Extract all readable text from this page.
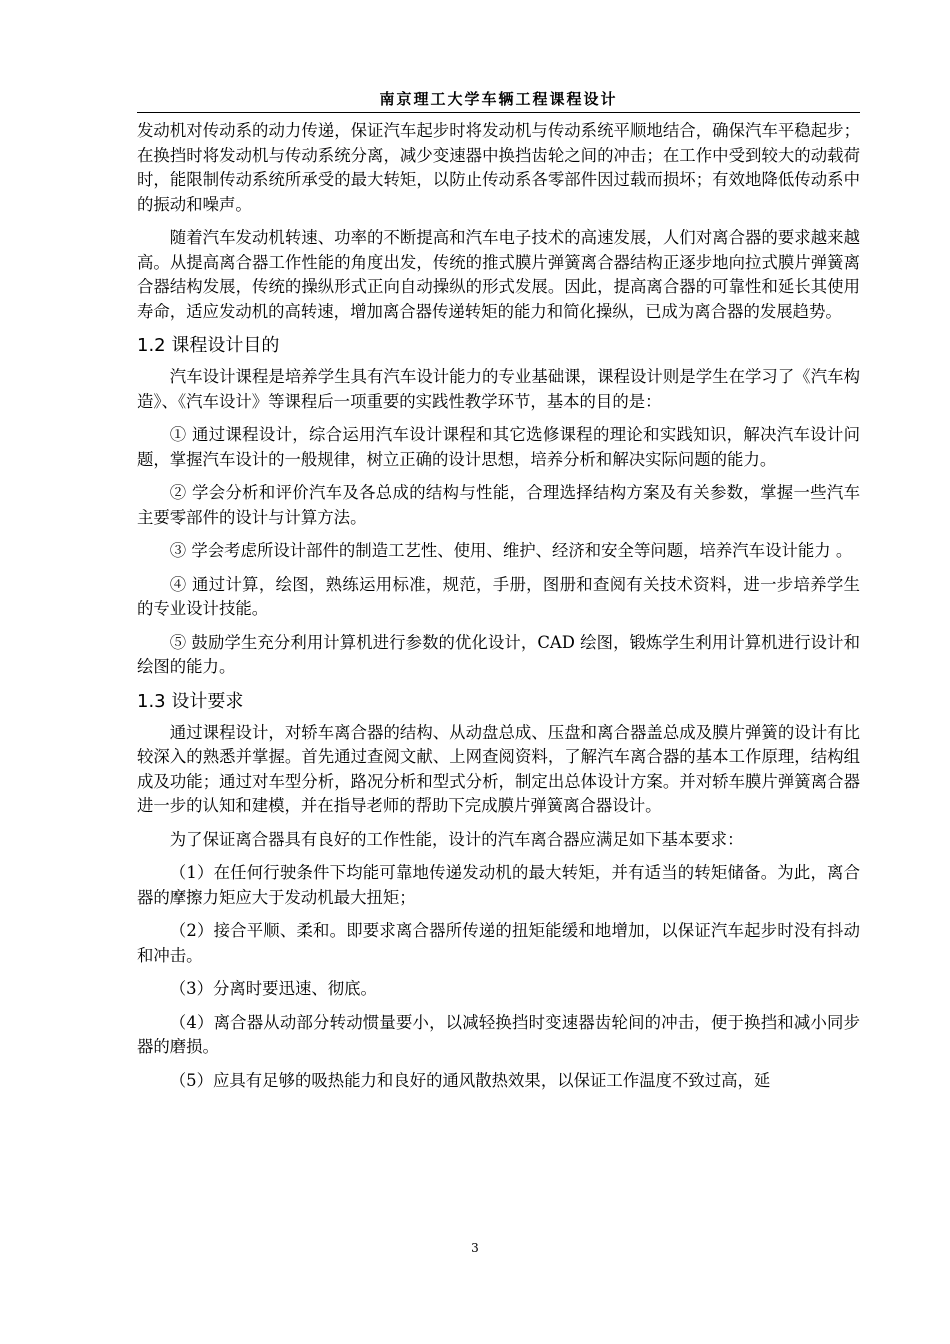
南京理工大学车辆工程课程设计

发动机对传动系的动力传递，保证汽车起步时将发动机与传动系统平顺地结合，确保汽车平稳起步；在换挡时将发动机与传动系统分离，减少变速器中换挡齿轮之间的冲击；在工作中受到较大的动载荷时，能限制传动系统所承受的最大转矩，以防止传动系各零部件因过载而损坏；有效地降低传动系中的振动和噪声。

随着汽车发动机转速、功率的不断提高和汽车电子技术的高速发展，人们对离合器的要求越来越高。从提高离合器工作性能的角度出发，传统的推式膜片弹簧离合器结构正逐步地向拉式膜片弹簧离合器结构发展，传统的操纵形式正向自动操纵的形式发展。因此，提高离合器的可靠性和延长其使用寿命，适应发动机的高转速，增加离合器传递转矩的能力和简化操纵，已成为离合器的发展趋势。

1.2 课程设计目的

汽车设计课程是培养学生具有汽车设计能力的专业基础课，课程设计则是学生在学习了《汽车构造》、《汽车设计》等课程后一项重要的实践性教学环节，基本的目的是：

① 通过课程设计，综合运用汽车设计课程和其它选修课程的理论和实践知识，解决汽车设计问题，掌握汽车设计的一般规律，树立正确的设计思想，培养分析和解决实际问题的能力。

② 学会分析和评价汽车及各总成的结构与性能，合理选择结构方案及有关参数，掌握一些汽车主要零部件的设计与计算方法。

③ 学会考虑所设计部件的制造工艺性、使用、维护、经济和安全等问题，培养汽车设计能力 。

④ 通过计算，绘图，熟练运用标准，规范，手册，图册和查阅有关技术资料，进一步培养学生的专业设计技能。

⑤ 鼓励学生充分利用计算机进行参数的优化设计，CAD 绘图，锻炼学生利用计算机进行设计和绘图的能力。

1.3 设计要求

通过课程设计，对轿车离合器的结构、从动盘总成、压盘和离合器盖总成及膜片弹簧的设计有比较深入的熟悉并掌握。首先通过查阅文献、上网查阅资料，了解汽车离合器的基本工作原理，结构组成及功能；通过对车型分析，路况分析和型式分析，制定出总体设计方案。并对轿车膜片弹簧离合器进一步的认知和建模，并在指导老师的帮助下完成膜片弹簧离合器设计。

为了保证离合器具有良好的工作性能，设计的汽车离合器应满足如下基本要求：

（1）在任何行驶条件下均能可靠地传递发动机的最大转矩，并有适当的转矩储备。为此，离合器的摩擦力矩应大于发动机最大扭矩；

（2）接合平顺、柔和。即要求离合器所传递的扭矩能缓和地增加，以保证汽车起步时没有抖动和冲击。

（3）分离时要迅速、彻底。

（4）离合器从动部分转动惯量要小，以减轻换挡时变速器齿轮间的冲击，便于换挡和减小同步器的磨损。

（5）应具有足够的吸热能力和良好的通风散热效果，以保证工作温度不致过高，延

3
